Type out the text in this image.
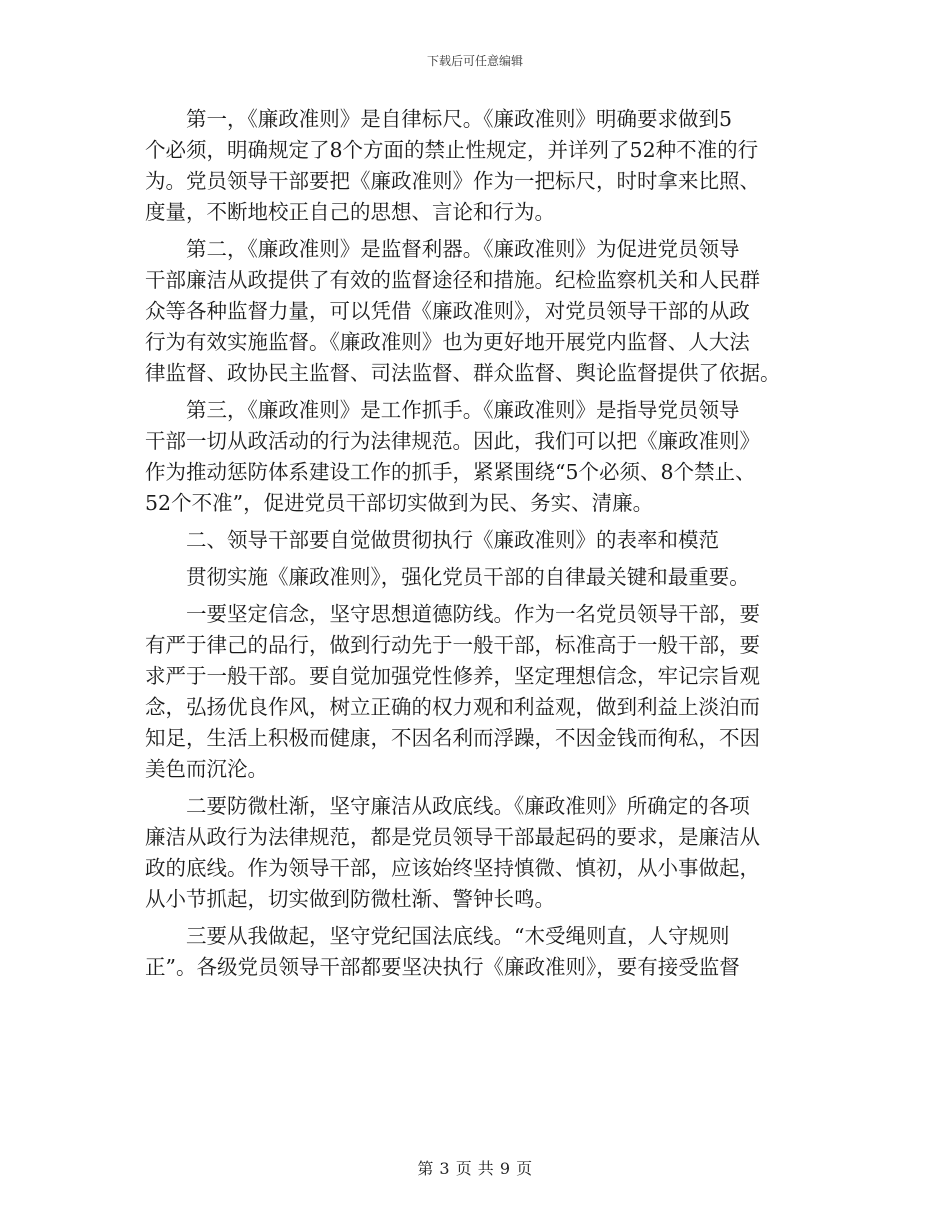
下载后可任意编辑
　　第一，《廉政准则》是自律标尺。《廉政准则》明确要求做到5
个必须，明确规定了8个方面的禁止性规定，并详列了52种不准的行
为。党员领导干部要把《廉政准则》作为一把标尺，时时拿来比照、
度量，不断地校正自己的思想、言论和行为。
　　第二，《廉政准则》是监督利器。《廉政准则》为促进党员领导
干部廉洁从政提供了有效的监督途径和措施。纪检监察机关和人民群
众等各种监督力量，可以凭借《廉政准则》，对党员领导干部的从政
行为有效实施监督。《廉政准则》也为更好地开展党内监督、人大法
律监督、政协民主监督、司法监督、群众监督、舆论监督提供了依据。
　　第三，《廉政准则》是工作抓手。《廉政准则》是指导党员领导
干部一切从政活动的行为法律规范。因此，我们可以把《廉政准则》
作为推动惩防体系建设工作的抓手，紧紧围绕“5个必须、8个禁止、
52个不准”，促进党员干部切实做到为民、务实、清廉。
　　二、领导干部要自觉做贯彻执行《廉政准则》的表率和模范
　　贯彻实施《廉政准则》，强化党员干部的自律最关键和最重要。
　　一要坚定信念，坚守思想道德防线。作为一名党员领导干部，要
有严于律己的品行，做到行动先于一般干部，标准高于一般干部，要
求严于一般干部。要自觉加强党性修养，坚定理想信念，牢记宗旨观
念，弘扬优良作风，树立正确的权力观和利益观，做到利益上淡泊而
知足，生活上积极而健康，不因名利而浮躁，不因金钱而徇私，不因
美色而沉沦。
　　二要防微杜渐，坚守廉洁从政底线。《廉政准则》所确定的各项
廉洁从政行为法律规范，都是党员领导干部最起码的要求，是廉洁从
政的底线。作为领导干部，应该始终坚持慎微、慎初，从小事做起，
从小节抓起，切实做到防微杜渐、警钟长鸣。
　　三要从我做起，坚守党纪国法底线。“木受绳则直，人守规则
正”。各级党员领导干部都要坚决执行《廉政准则》，要有接受监督
第 3 页 共 9 页
